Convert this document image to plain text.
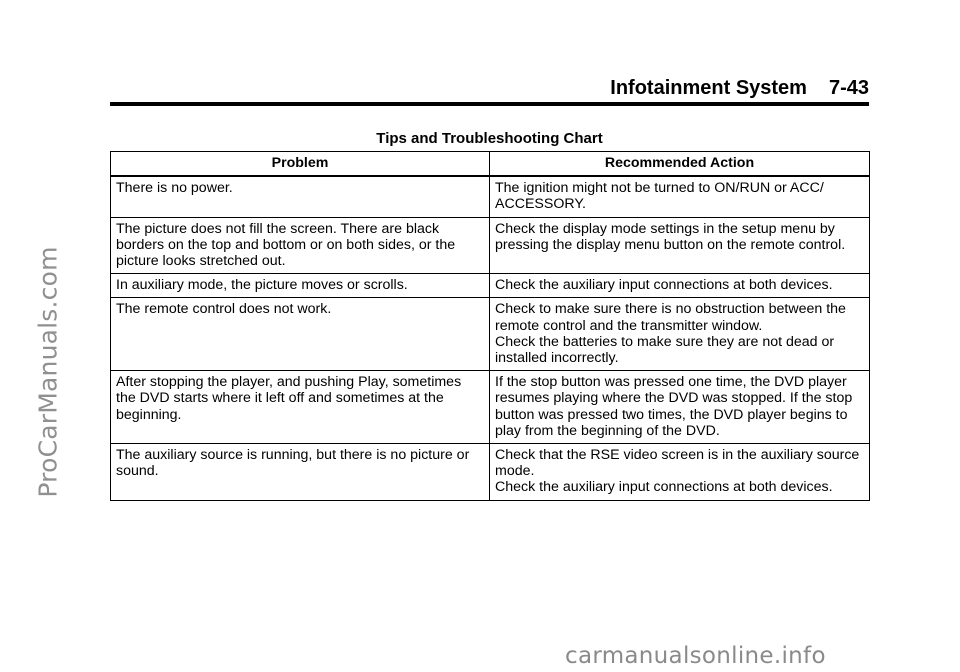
ProCarManuals.com
Infotainment System 7-43
Tips and Troubleshooting Chart
Problem	Recommended Action
There is no power.	The ignition might not be turned to ON/RUN or ACC/ ACCESSORY.

The picture does not fill the screen. There are black borders on the top and bottom or on both sides, or the picture looks stretched out.	Check the display mode settings in the setup menu by pressing the display menu button on the remote control.

In auxiliary mode, the picture moves or scrolls.	Check the auxiliary input connections at both devices.

The remote control does not work.	Check to make sure there is no obstruction between the remote control and the transmitter window.
Check the batteries to make sure they are not dead or installed incorrectly.

After stopping the player, and pushing Play, sometimes the DVD starts where it left off and sometimes at the beginning.	If the stop button was pressed one time, the DVD player resumes playing where the DVD was stopped. If the stop button was pressed two times, the DVD player begins to play from the beginning of the DVD.

The auxiliary source is running, but there is no picture or sound.	Check that the RSE video screen is in the auxiliary source mode.
Check the auxiliary input connections at both devices.
carmanualsonline.info
